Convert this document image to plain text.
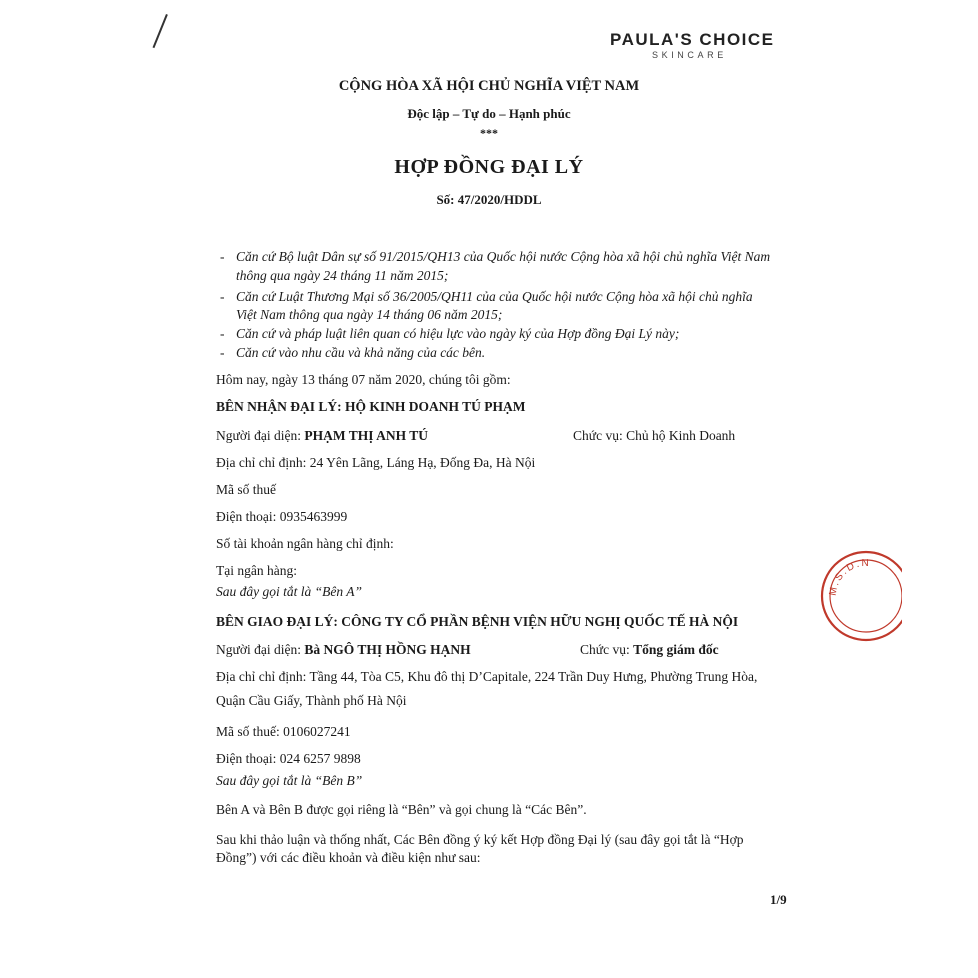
PAULA'S CHOICE
SKINCARE
CỘNG HÒA XÃ HỘI CHỦ NGHĨA VIỆT NAM
Độc lập – Tự do – Hạnh phúc
***
HỢP ĐỒNG ĐẠI LÝ
Số: 47/2020/HDDL
- Căn cứ Bộ luật Dân sự số 91/2015/QH13 của Quốc hội nước Cộng hòa xã hội chủ nghĩa Việt Nam
thông qua ngày 24 tháng 11 năm 2015;
- Căn cứ Luật Thương Mại số 36/2005/QH11 của của Quốc hội nước Cộng hòa xã hội chủ nghĩa
Việt Nam thông qua ngày 14 tháng 06 năm 2015;
- Căn cứ và pháp luật liên quan có hiệu lực vào ngày ký của Hợp đồng Đại Lý này;
- Căn cứ vào nhu cầu và khả năng của các bên.
Hôm nay, ngày 13 tháng 07 năm 2020, chúng tôi gồm:
BÊN NHẬN ĐẠI LÝ: HỘ KINH DOANH TÚ PHẠM
Người đại diện: PHẠM THỊ ANH TÚ	Chức vụ: Chủ hộ Kinh Doanh
Địa chỉ chỉ định: 24 Yên Lãng, Láng Hạ, Đống Đa, Hà Nội
Mã số thuế
Điện thoại: 0935463999
Số tài khoản ngân hàng chỉ định:
Tại ngân hàng:
Sau đây gọi tắt là “Bên A”
BÊN GIAO ĐẠI LÝ: CÔNG TY CỔ PHẦN BỆNH VIỆN HỮU NGHỊ QUỐC TẾ HÀ NỘI
Người đại diện: Bà NGÔ THỊ HỒNG HẠNH	Chức vụ: Tổng giám đốc
Địa chỉ chỉ định: Tầng 44, Tòa C5, Khu đô thị D’Capitale, 224 Trần Duy Hưng, Phường Trung Hòa,
Quận Cầu Giấy, Thành phố Hà Nội
Mã số thuế: 0106027241
Điện thoại: 024 6257 9898
Sau đây gọi tắt là “Bên B”
Bên A và Bên B được gọi riêng là “Bên” và gọi chung là “Các Bên”.
Sau khi thảo luận và thống nhất, Các Bên đồng ý ký kết Hợp đồng Đại lý (sau đây gọi tắt là “Hợp
Đồng”) với các điều khoản và điều kiện như sau:
1/9
M.S.D.N
